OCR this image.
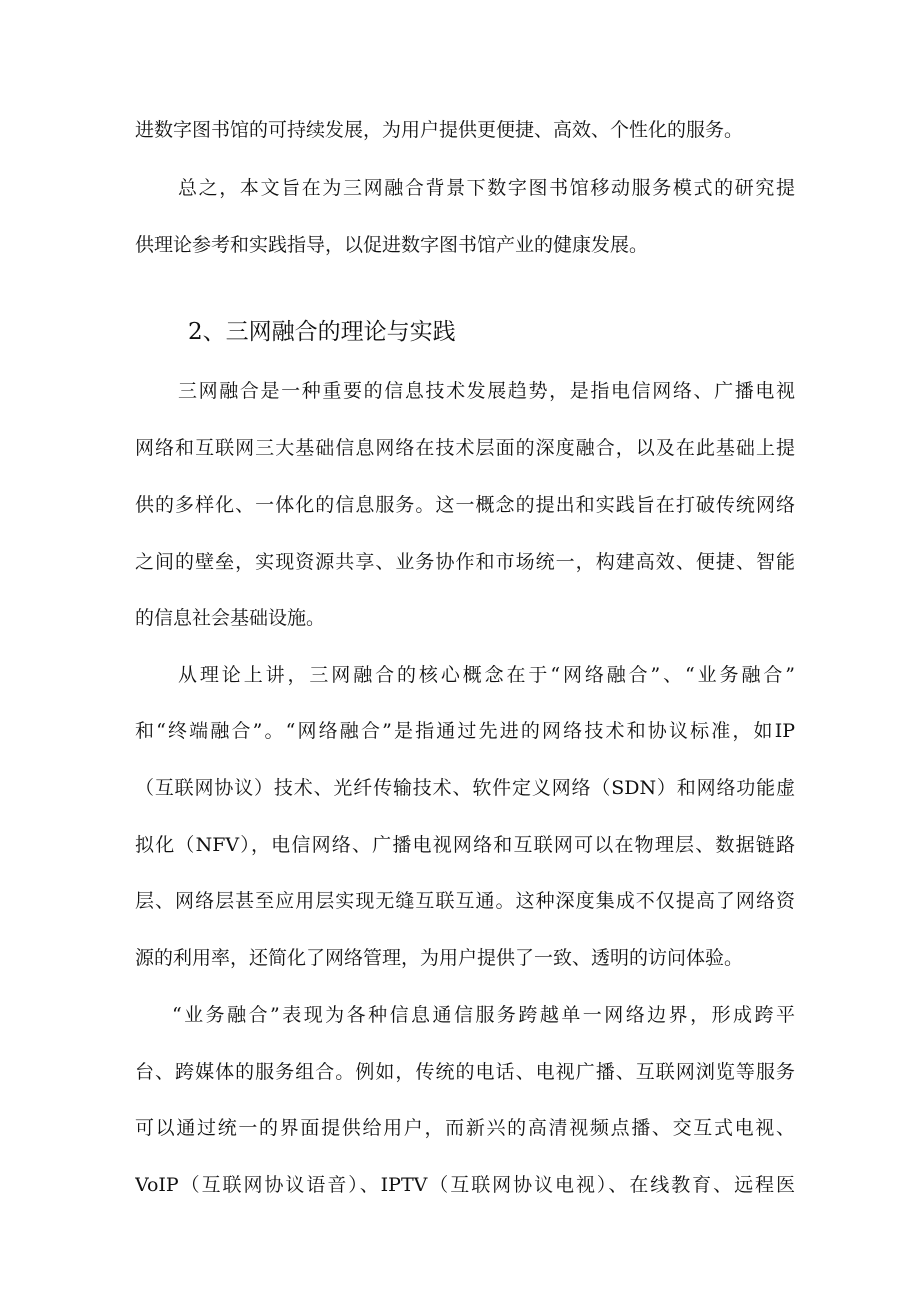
进数字图书馆的可持续发展，为用户提供更便捷、高效、个性化的服务。
总之，本文旨在为三网融合背景下数字图书馆移动服务模式的研究提
供理论参考和实践指导，以促进数字图书馆产业的健康发展。
2、三网融合的理论与实践
三网融合是一种重要的信息技术发展趋势，是指电信网络、广播电视
网络和互联网三大基础信息网络在技术层面的深度融合，以及在此基础上提
供的多样化、一体化的信息服务。这一概念的提出和实践旨在打破传统网络
之间的壁垒，实现资源共享、业务协作和市场统一，构建高效、便捷、智能
的信息社会基础设施。
从理论上讲，三网融合的核心概念在于“网络融合”、“业务融合”
和“终端融合”。“网络融合”是指通过先进的网络技术和协议标准，如IP
（互联网协议）技术、光纤传输技术、软件定义网络（SDN）和网络功能虚
拟化（NFV），电信网络、广播电视网络和互联网可以在物理层、数据链路
层、网络层甚至应用层实现无缝互联互通。这种深度集成不仅提高了网络资
源的利用率，还简化了网络管理，为用户提供了一致、透明的访问体验。
“业务融合”表现为各种信息通信服务跨越单一网络边界，形成跨平
台、跨媒体的服务组合。例如，传统的电话、电视广播、互联网浏览等服务
可以通过统一的界面提供给用户，而新兴的高清视频点播、交互式电视、
VoIP（互联网协议语音）、IPTV（互联网协议电视）、在线教育、远程医
